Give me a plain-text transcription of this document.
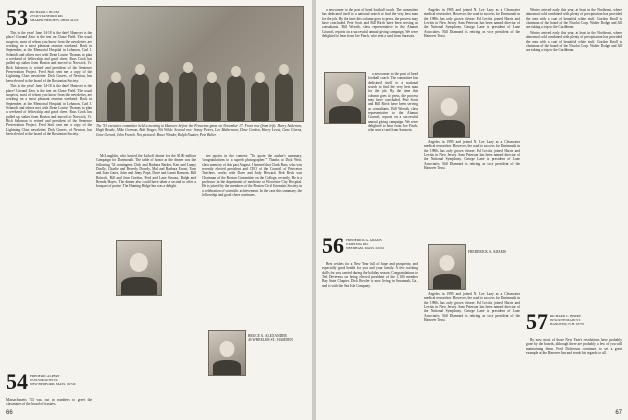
53 RICHARD J. BLUM
23749 STANFORD RD.
SHAKER HEIGHTS, OHIO 44122

This is the year! June 14-18 is the date! Hanover is the place! Ground Zero is the tent on Chase Field. The usual suspects, most of whom you know from the newsletter, are working on a most pleasant reunion weekend. Back in September, at the Memorial Hospital in Lebanon, Carl J. Schmidt and others met with Dean Louise Thomas to plan a weekend of fellowship and good cheer. Russ Cook has pulled up stakes from Boston and moved to Norwich, Vt. Rick Salomon is retired and president of the Sentence Preservation Project. Fred Stott sent me a copy of the Lightning Class newsletter. Dick Graves, of Newton, has been elected to the board of the Bostonian Society.

This is the year! June 14-18 is the date! Hanover is the place! Ground Zero is the tent on Chase Field. The usual suspects, most of whom you know from the newsletter, are working on a most pleasant reunion weekend. Back in September, at the Memorial Hospital in Lebanon, Carl J. Schmidt and others met with Dean Louise Thomas to plan a weekend of fellowship and good cheer. Russ Cook has pulled up stakes from Boston and moved to Norwich, Vt. Rick Salomon is retired and president of the Sentence Preservation Project. Fred Stott sent me a copy of the Lightning Class newsletter. Dick Graves, of Newton, has been elected to the board of the Bostonian Society.

54 FREDERIC ALPERT
95 PLYMOUTH ST.
NEW BEDFORD, MASS. 02740
Massachusetts '54 was out in numbers to greet the classmates of the board of trustees.
The '53 executive committee held a meeting in Hanover before the Princeton game on November 17. Front row (from left): Harry Anderson, Hugh Brodie, Mike Gorman, Bob Yanger, Wit Wilde. Second row: Sonny Peters, Lee Mathewson, Dave Cordon, Harry Lewis, Gene Givens, Gene Gerard, John French. Not pictured: Bruce Winder, Ralph Nautier, Pete Bulier.

McLaughlin, who hosted the kickoff dinner for the $100 million Campaign for Dartmouth. The table of honor at the dinner was the following '54 contingent: Dick and Barbara Barker, Ken and Lanny Doolly, Charlie and Beverly Dowdy, Mal and Barbara Ewart, Tom and Joan Gates, John and Jinny Pope, Dave and Lanni Ransom. Bill Bohock, Bill and Jean Gordon, Fred and Lane Strauss, Ralph and Brenda Hayes. The dinner also could have taken a second to offer a bouquet of praise. The Hunting Ridge Inn was a delight.

ten quotes in the content: "To quote the author's summary, 'congratulations to a superb photographer.'" Thanks to Dick West, class memory of this past August, I learned that Clark Bass, who was recently elected president and CEO of the Council of Princeton Teachers, works with Dave and Judy Howard. Bob Beck was Chairman of the Boston Committee on the College, recently. He is a professor in the department of medicine at Worcester City Hospital. He is joined by the members of the Boston Civil Scientists Society in a celebration of scientific achievement. In the case this summary, the fellowship and good cheer continues.

BRUCE A. ALEXANDER
40 WHEELER ST., HAMDEN
66

a newcomer to the post of head football coach. The committee has dedicated itself to a national search to find the very best man for the job. By the time this column goes to press, the process may have concluded. Pete Scott and Bill Birch have been serving as consultants. Bill Wreath, class representative to the Alumni Council, reports on a successful annual giving campaign. We were delighted to hear from Joe Finch, who sent a card from Sarasota.

a newcomer to the post of head football coach. The committee has dedicated itself to a national search to find the very best man for the job. By the time this column goes to press, the process may have concluded. Pete Scott and Bill Birch have been serving as consultants. Bill Wreath, class representative to the Alumni Council, reports on a successful annual giving campaign. We were delighted to hear from Joe Finch, who sent a card from Sarasota.

56 FREDERICK A. ADAMS
6 KIPLING RD.
NEEDHAM, MASS. 02192

Best wishes for a New Year full of hope and prosperity, and especially good health for you and your family. A few tracking skills for you carried during the holiday season. Congratulations to Ted Devereux on being elected president of the 1,100 member Bay State Chapter. Dick Bowler is now living in Savannah, Ga., and is with the Sea Isle Company.

Angeles in 1985 and joined N. Lee Lazy as a Clearwater medical researcher. However, the road to success for Dartmouth in the 1980s has only grown clearer. Ed Levitts joined Harris and Levitts in New Jersey. Sam Peterson has been named director of the National Symphony. George Lane is president of Lane Associates. Bill Diamond is retiring as vice president of the Hanover Trust.

Angeles in 1985 and joined N. Lee Lazy as a Clearwater medical researcher. However, the road to success for Dartmouth in the 1980s has only grown clearer. Ed Levitts joined Harris and Levitts in New Jersey. Sam Peterson has been named director of the National Symphony. George Lane is president of Lane Associates. Bill Diamond is retiring as vice president of the Hanover Trust.

FREDERICK A. ADAMS

Angeles in 1985 and joined N. Lee Lazy as a Clearwater medical researcher. However, the road to success for Dartmouth in the 1980s has only grown clearer. Ed Levitts joined Harris and Levitts in New Jersey. Sam Peterson has been named director of the National Symphony. George Lane is president of Lane Associates. Bill Diamond is retiring as vice president of the Hanover Trust.

Winter arrived early this year, at least in the Northeast, where abnormal cold combined with plenty of precipitation has provided the area with a coat of beautiful white stuff. Gordon Knoll is chairman of the board of the Nicolai Corp. Walter Dodge and Jill are taking a trip to the Caribbean.

Winter arrived early this year, at least in the Northeast, where abnormal cold combined with plenty of precipitation has provided the area with a coat of beautiful white stuff. Gordon Knoll is chairman of the board of the Nicolai Corp. Walter Dodge and Jill are taking a trip to the Caribbean.

57 RICHARD C. BERRY
89 SOUTH MAIN ST.
HANOVER, N.H. 03755

By now most of those New Year's resolutions have probably gone by the boards, although there are probably a few of you still maintaining them. Fred Dickerson continues to set a great example at the Hanover Inn and sends his regards to all.

67
